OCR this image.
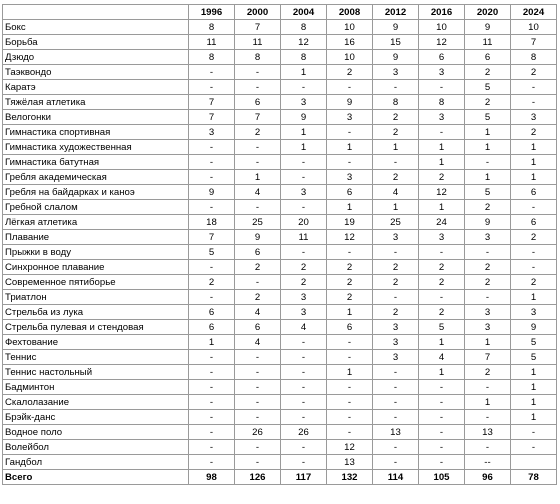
	1996	2000	2004	2008	2012	2016	2020	2024
Бокс	8	7	8	10	9	10	9	10
Борьба	11	11	12	16	15	12	11	7
Дзюдо	8	8	8	10	9	6	6	8
Таэквондо	-	-	1	2	3	3	2	2
Каратэ	-	-	-	-	-	-	5	-
Тяжёлая атлетика	7	6	3	9	8	8	2	-
Велогонки	7	7	9	3	2	3	5	3
Гимнастика спортивная	3	2	1	-	2	-	1	2
Гимнастика художественная	-	-	1	1	1	1	1	1
Гимнастика батутная	-	-	-	-	-	1	-	1
Гребля академическая	-	1	-	3	2	2	1	1
Гребля на байдарках и каноэ	9	4	3	6	4	12	5	6
Гребной слалом	-	-	-	1	1	1	2	-
Лёгкая атлетика	18	25	20	19	25	24	9	6
Плавание	7	9	11	12	3	3	3	2
Прыжки в воду	5	6	-	-	-	-	-	-
Синхронное плавание	-	2	2	2	2	2	2	-
Современное пятиборье	2	-	2	2	2	2	2	2
Триатлон	-	2	3	2	-	-	-	1
Стрельба из лука	6	4	3	1	2	2	3	3
Стрельба пулевая и стендовая	6	6	4	6	3	5	3	9
Фехтование	1	4	-	-	3	1	1	5
Теннис	-	-	-	-	3	4	7	5
Теннис настольный	-	-	-	1	-	1	2	1
Бадминтон	-	-	-	-	-	-	-	1
Скалолазание	-	-	-	-	-	-	1	1
Брэйк-данс	-	-	-	-	-	-	-	1
Водное поло	-	26	26	-	13	-	13	-
Волейбол	-	-	-	12	-	-	-	-
Гандбол	-	-	-	13	-	-	--	
Всего	98	126	117	132	114	105	96	78
